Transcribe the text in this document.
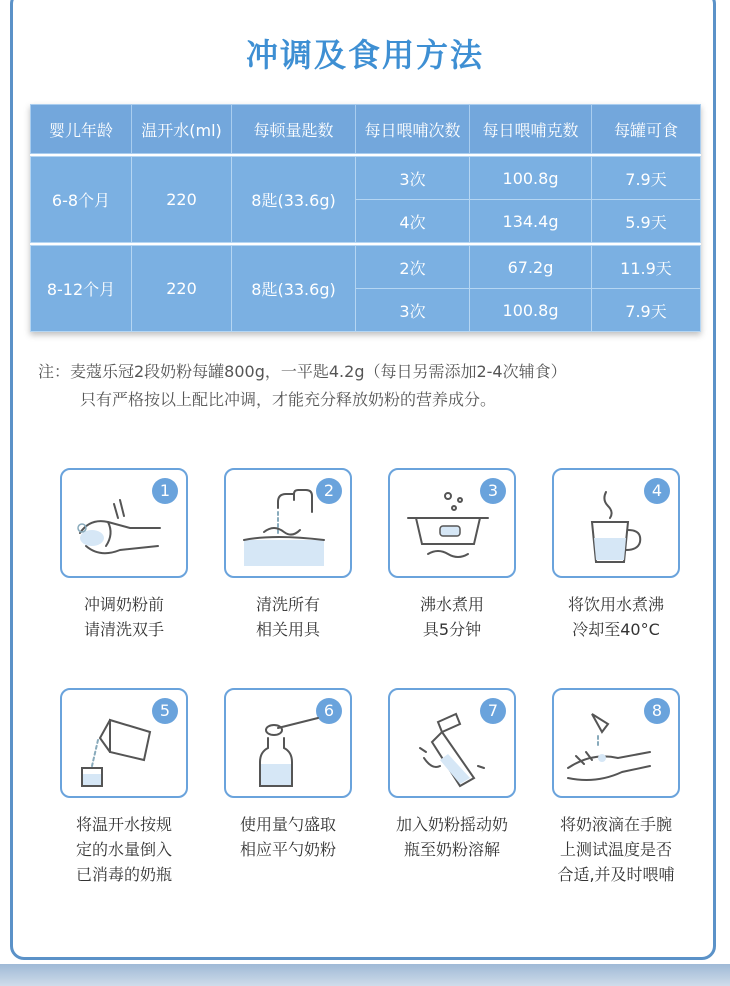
冲调及食用方法
婴儿年龄	温开水(ml)	每顿量匙数	每日喂哺次数	每日喂哺克数	每罐可食

6-8个月	220	8匙(33.6g)	3次	100.8g	7.9天
			4次	134.4g	5.9天

8-12个月	220	8匙(33.6g)	2次	67.2g	11.9天
			3次	100.8g	7.9天
注：麦蔻乐冠2段奶粉每罐800g，一平匙4.2g（每日另需添加2-4次辅食）
只有严格按以上配比冲调，才能充分释放奶粉的营养成分。
1
冲调奶粉前
请清洗双手
2
清洗所有
相关用具
3
沸水煮用
具5分钟
4
将饮用水煮沸
冷却至40°C
5
将温开水按规
定的水量倒入
已消毒的奶瓶
6
使用量勺盛取
相应平勺奶粉
7
加入奶粉摇动奶
瓶至奶粉溶解
8
将奶液滴在手腕
上测试温度是否
合适,并及时喂哺
